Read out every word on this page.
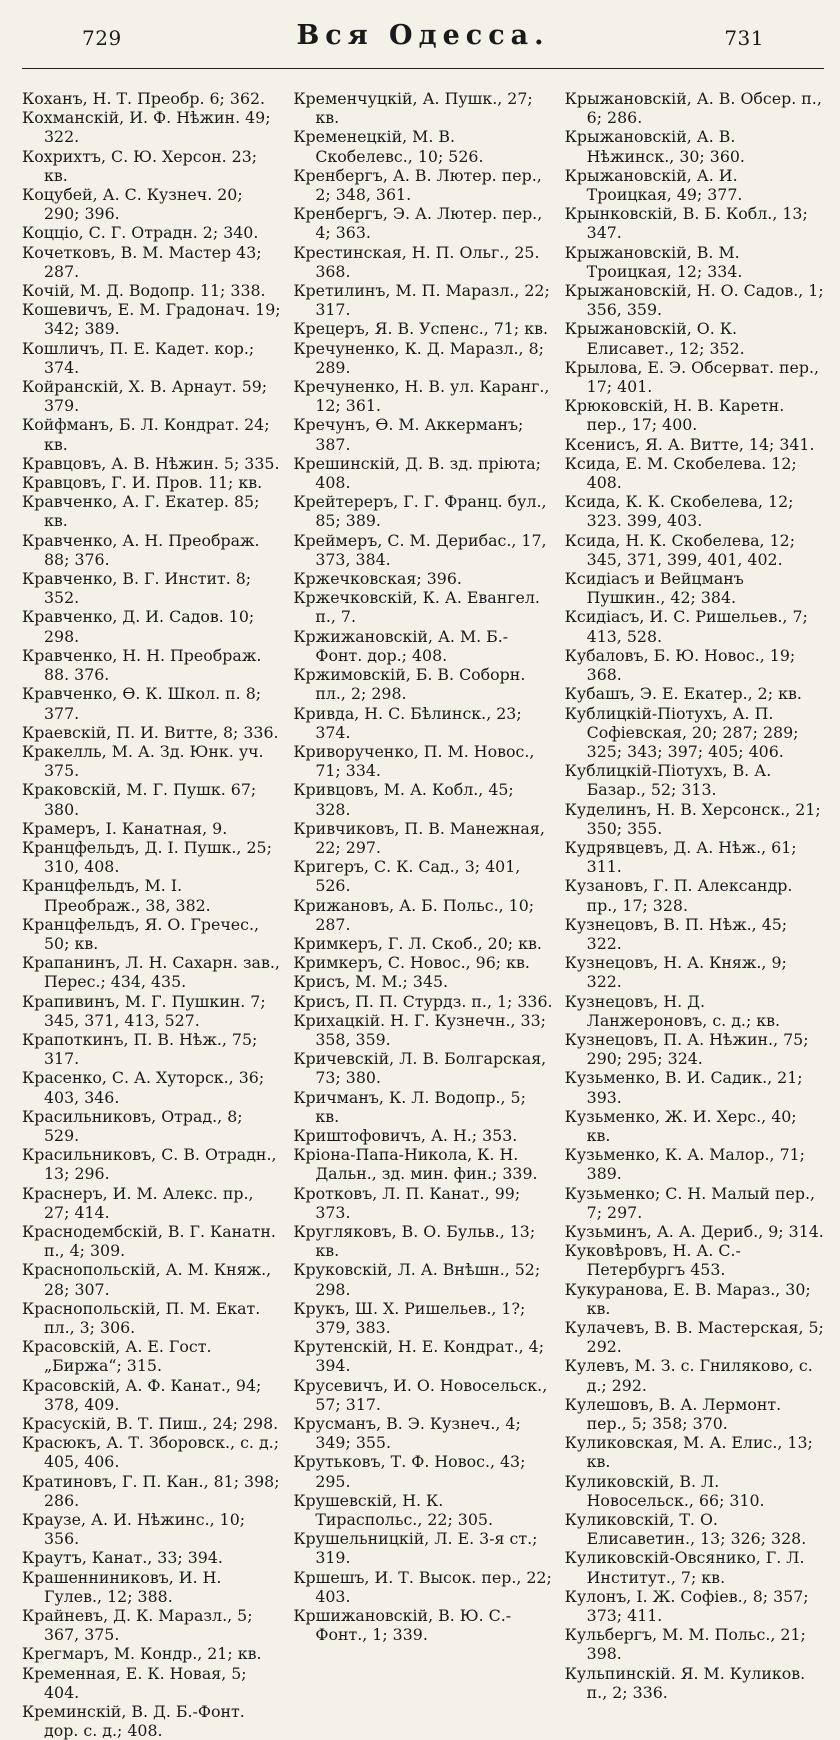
729	Вся Одесса.	731
Коханъ, Н. Т. Преобр. 6; 362.
Кохманскій, И. Ф. Нѣжин. 49; 322.
Кохрихтъ, С. Ю. Херсон. 23; кв.
Коцубей, А. С. Кузнеч. 20; 290; 396.
Коцціо, С. Г. Отрадн. 2; 340.
Кочетковъ, В. М. Мастер 43; 287.
Кочій, М. Д. Водопр. 11; 338.
Кошевичъ, Е. М. Градонач. 19; 342; 389.
Кошличъ, П. Е. Кадет. кор.; 374.
Койранскій, Х. В. Арнаут. 59; 379.
Койфманъ, Б. Л. Кондрат. 24; кв.
Кравцовъ, А. В. Нѣжин. 5; 335.
Кравцовъ, Г. И. Пров. 11; кв.
Кравченко, А. Г. Екатер. 85; кв.
Кравченко, А. Н. Преображ. 88; 376.
Кравченко, В. Г. Инстит. 8; 352.
Кравченко, Д. И. Садов. 10; 298.
Кравченко, Н. Н. Преображ. 88. 376.
Кравченко, Ѳ. К. Школ. п. 8; 377.
Краевскій, П. И. Витте, 8; 336.
Кракелль, М. А. Зд. Юнк. уч. 375.
Краковскій, М. Г. Пушк. 67; 380.
Крамеръ, І. Канатная, 9.
Кранцфельдъ, Д. І. Пушк., 25; 310, 408.
Кранцфельдъ, М. І. Преображ., 38, 382.
Кранцфельдъ, Я. О. Гречес., 50; кв.
Крапанинъ, Л. Н. Сахарн. зав., Перес.; 434, 435.
Крапивинъ, М. Г. Пушкин. 7; 345, 371, 413, 527.
Крапоткинъ, П. В. Нѣж., 75; 317.
Красенко, С. А. Хуторск., 36; 403, 346.
Красильниковъ, Отрад., 8; 529.
Красильниковъ, С. В. Отрадн., 13; 296.
Краснеръ, И. М. Алекс. пр., 27; 414.
Краснодембскій, В. Г. Канатн. п., 4; 309.
Краснопольскій, А. М. Княж., 28; 307.
Краснопольскій, П. М. Екат. пл., 3; 306.
Красовскій, А. Е. Гост. „Биржа“; 315.
Красовскій, А. Ф. Канат., 94; 378, 409.
Красускій, В. Т. Пиш., 24; 298.
Красюкъ, А. Т. Зборовск., с. д.; 405, 406.
Кратиновъ, Г. П. Кан., 81; 398; 286.
Краузе, А. И. Нѣжинс., 10; 356.
Краутъ, Канат., 33; 394.
Крашенниниковъ, И. Н. Гулев., 12; 388.
Крайневъ, Д. К. Маразл., 5; 367, 375.
Крегмаръ, М. Кондр., 21; кв.
Кременная, Е. К. Новая, 5; 404.
Креминскій, В. Д. Б.-Фонт. дор. с. д.; 408.
Кременчуцкій, А. Пушк., 27; кв.
Кременецкій, М. В. Скобелевс., 10; 526.
Кренбергъ, А. В. Лютер. пер., 2; 348, 361.
Кренбергъ, Э. А. Лютер. пер., 4; 363.
Крестинская, Н. П. Ольг., 25. 368.
Кретилинъ, М. П. Маразл., 22; 317.
Крецеръ, Я. В. Успенс., 71; кв.
Кречуненко, К. Д. Маразл., 8; 289.
Кречуненко, Н. В. ул. Каранг., 12; 361.
Кречунъ, Ѳ. М. Аккерманъ; 387.
Крешинскій, Д. В. зд. пріюта; 408.
Крейтереръ, Г. Г. Франц. бул., 85; 389.
Креймеръ, С. М. Дерибас., 17, 373, 384.
Кржечковская; 396.
Кржечковскій, К. А. Евангел. п., 7.
Кржижановскій, А. М. Б.-Фонт. дор.; 408.
Кржимовскій, Б. В. Соборн. пл., 2; 298.
Кривда, Н. С. Бѣлинск., 23; 374.
Криворученко, П. М. Новос., 71; 334.
Кривцовъ, М. А. Кобл., 45; 328.
Кривчиковъ, П. В. Манежная, 22; 297.
Кригеръ, С. К. Сад., 3; 401, 526.
Крижановъ, А. Б. Польс., 10; 287.
Кримкеръ, Г. Л. Скоб., 20; кв.
Кримкеръ, С. Новос., 96; кв.
Крисъ, М. М.; 345.
Крисъ, П. П. Стурдз. п., 1; 336.
Крихацкій. Н. Г. Кузнечн., 33; 358, 359.
Кричевскій, Л. В. Болгарская, 73; 380.
Кричманъ, К. Л. Водопр., 5; кв.
Криштофовичъ, А. Н.; 353.
Кріона-Папа-Никола, К. Н. Дальн., зд. мин. фин.; 339.
Кротковъ, Л. П. Канат., 99; 373.
Кругляковъ, В. О. Бульв., 13; кв.
Круковскій, Л. А. Внѣшн., 52; 298.
Крукъ, Ш. Х. Ришельев., 1?; 379, 383.
Крутенскій, Н. Е. Кондрат., 4; 394.
Крусевичъ, И. О. Новосельск., 57; 317.
Крусманъ, В. Э. Кузнеч., 4; 349; 355.
Крутьковъ, Т. Ф. Новос., 43; 295.
Крушевскій, Н. К. Тираспольс., 22; 305.
Крушельницкій, Л. Е. 3-я ст.; 319.
Кршешъ, И. Т. Высок. пер., 22; 403.
Кршижановскій, В. Ю. С.-Фонт., 1; 339.
Крыжановскій, А. В. Обсер. п., 6; 286.
Крыжановскій, А. В. Нѣжинск., 30; 360.
Крыжановскій, А. И. Троицкая, 49; 377.
Крынковскій, В. Б. Кобл., 13; 347.
Крыжановскій, В. М. Троицкая, 12; 334.
Крыжановскій, Н. О. Садов., 1; 356, 359.
Крыжановскій, О. К. Елисавет., 12; 352.
Крылова, Е. Э. Обсерват. пер., 17; 401.
Крюковскій, Н. В. Каретн. пер., 17; 400.
Ксенисъ, Я. А. Витте, 14; 341.
Ксида, Е. М. Скобелева. 12; 408.
Ксида, К. К. Скобелева, 12; 323. 399, 403.
Ксида, Н. К. Скобелева, 12; 345, 371, 399, 401, 402.
Ксидіасъ и Вейцманъ Пушкин., 42; 384.
Ксидіасъ, И. С. Ришельев., 7; 413, 528.
Кубаловъ, Б. Ю. Новос., 19; 368.
Кубашъ, Э. Е. Екатер., 2; кв.
Кублицкій-Піотухъ, А. П. Софіевская, 20; 287; 289; 325; 343; 397; 405; 406.
Кублицкій-Піотухъ, В. А. Базар., 52; 313.
Куделинъ, Н. В. Херсонск., 21; 350; 355.
Кудрявцевъ, Д. А. Нѣж., 61; 311.
Кузановъ, Г. П. Александр. пр., 17; 328.
Кузнецовъ, В. П. Нѣж., 45; 322.
Кузнецовъ, Н. А. Княж., 9; 322.
Кузнецовъ, Н. Д. Ланжероновъ, с. д.; кв.
Кузнецовъ, П. А. Нѣжин., 75; 290; 295; 324.
Кузьменко, В. И. Садик., 21; 393.
Кузьменко, Ж. И. Херс., 40; кв.
Кузьменко, К. А. Малор., 71; 389.
Кузьменко; С. Н. Малый пер., 7; 297.
Кузьминъ, А. А. Дериб., 9; 314.
Куковѣровъ, Н. А. С.-Петербургъ 453.
Кукуранова, Е. В. Мараз., 30; кв.
Кулачевъ, В. В. Мастерская, 5; 292.
Кулевъ, М. З. с. Гниляково, с. д.; 292.
Кулешовъ, В. А. Лермонт. пер., 5; 358; 370.
Куликовская, М. А. Елис., 13; кв.
Куликовскій, В. Л. Новосельск., 66; 310.
Куликовскій, Т. О. Елисаветин., 13; 326; 328.
Куликовскій-Овсянико, Г. Л. Институт., 7; кв.
Кулонъ, І. Ж. Софіев., 8; 357; 373; 411.
Кульбергъ, М. М. Польс., 21; 398.
Кульпинскій. Я. М. Куликов. п., 2; 336.
